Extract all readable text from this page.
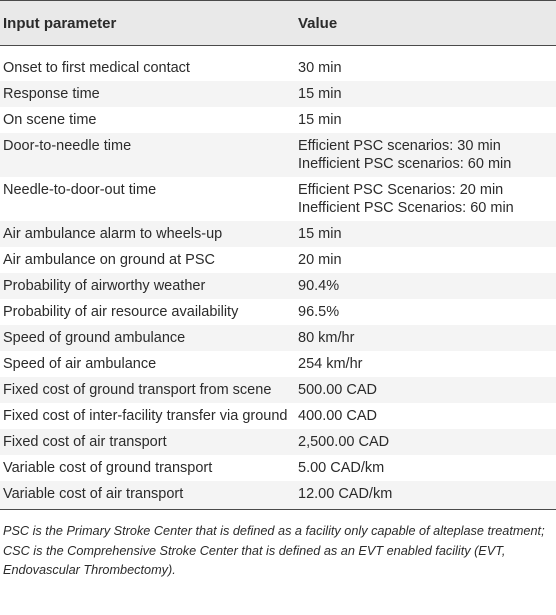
Input parameter	Value
Onset to first medical contact	30 min

Response time	15 min

On scene time	15 min

Door-to-needle time	Efficient PSC scenarios: 30 min
Inefficient PSC scenarios: 60 min

Needle-to-door-out time	Efficient PSC Scenarios: 20 min
Inefficient PSC Scenarios: 60 min

Air ambulance alarm to wheels-up	15 min

Air ambulance on ground at PSC	20 min

Probability of airworthy weather	90.4%

Probability of air resource availability	96.5%

Speed of ground ambulance	80 km/hr

Speed of air ambulance	254 km/hr

Fixed cost of ground transport from scene	500.00 CAD

Fixed cost of inter-facility transfer via ground	400.00 CAD

Fixed cost of air transport	2,500.00 CAD

Variable cost of ground transport	5.00 CAD/km

Variable cost of air transport	12.00 CAD/km

PSC is the Primary Stroke Center that is defined as a facility only capable of alteplase treatment; CSC is the Comprehensive Stroke Center that is defined as an EVT enabled facility (EVT, Endovascular Thrombectomy).
